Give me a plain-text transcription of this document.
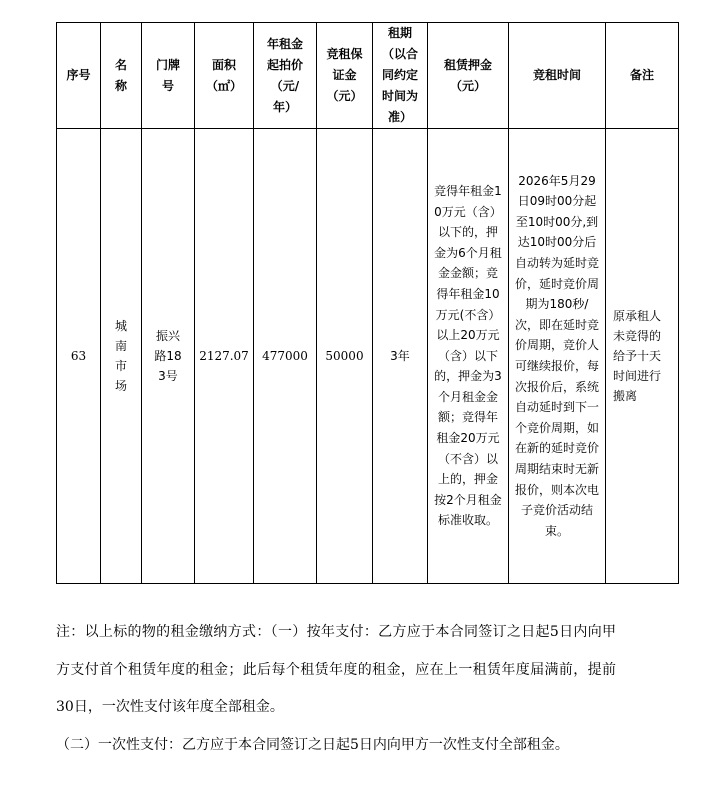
序号	名称	门牌号	面积（㎡）	年租金起拍价（元/年）	竞租保证金（元）	租期（以合同约定时间为准）	租赁押金（元）	竞租时间	备注
63	城南市场	振兴路183号	2127.07	477000	50000	3年	竞得年租金10万元（含）以下的，押金为6个月租金金额；竞得年租金10万元(不含）以上20万元（含）以下的，押金为3个月租金金额；竞得年租金20万元（不含）以上的，押金按2个月租金标准收取。	2026年5月29日09时00分起至10时00分,到达10时00分后自动转为延时竞价，延时竞价周期为180秒/次，即在延时竞价周期，竞价人可继续报价，每次报价后，系统自动延时到下一个竞价周期，如在新的延时竞价周期结束时无新报价，则本次电子竞价活动结束。	原承租人未竞得的给予十天时间进行搬离

注：以上标的物的租金缴纳方式：（一）按年支付：乙方应于本合同签订之日起5日内向甲方支付首个租赁年度的租金；此后每个租赁年度的租金，应在上一租赁年度届满前，提前30日，一次性支付该年度全部租金。

（二）一次性支付：乙方应于本合同签订之日起5日内向甲方一次性支付全部租金。
